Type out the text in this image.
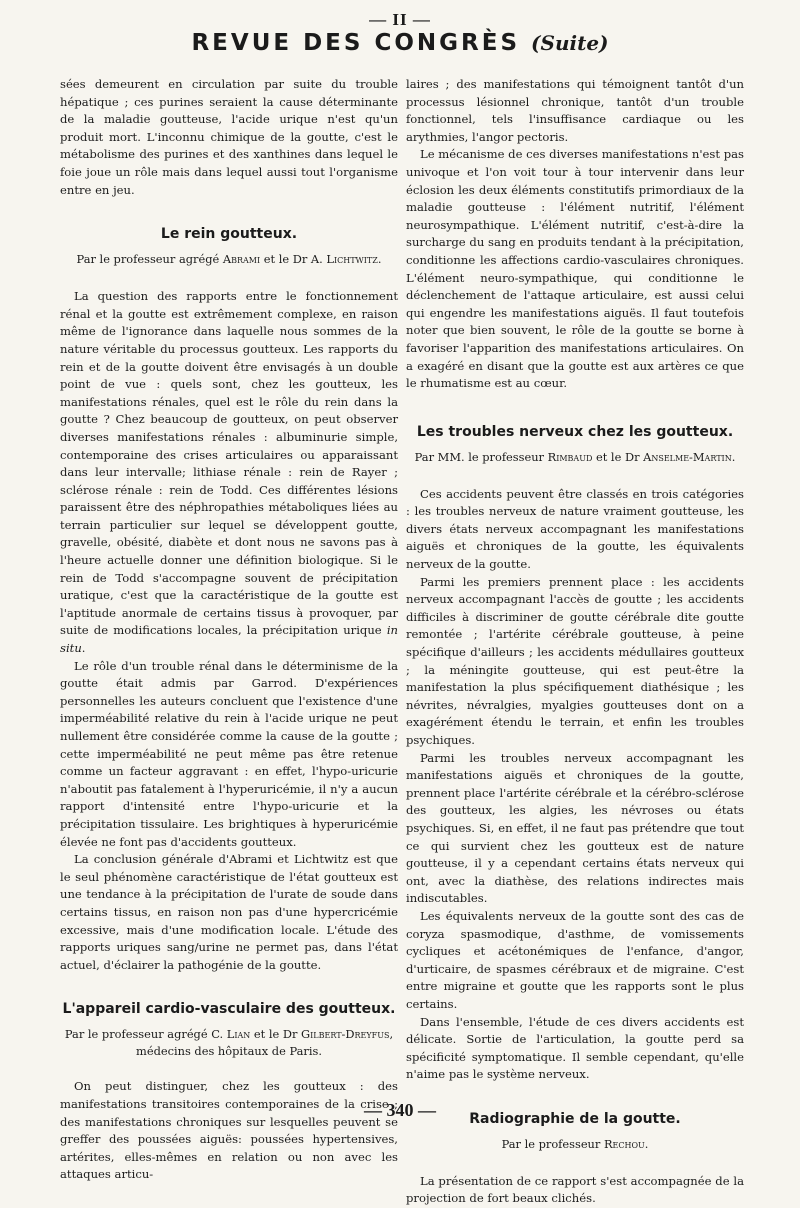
— II —
REVUE DES CONGRÈS (Suite)

sées demeurent en circulation par suite du trouble hépatique ; ces purines seraient la cause déterminante de la maladie goutteuse, l'acide urique n'est qu'un produit mort. L'inconnu chimique de la goutte, c'est le métabolisme des purines et des xanthines dans lequel le foie joue un rôle mais dans lequel aussi tout l'organisme entre en jeu.

Le rein goutteux.

Par le professeur agrégé Abrami et le Dr A. Lichtwitz.

La question des rapports entre le fonctionnement rénal et la goutte est extrêmement complexe, en raison même de l'ignorance dans laquelle nous sommes de la nature véritable du processus goutteux. Les rapports du rein et de la goutte doivent être envisagés à un double point de vue : quels sont, chez les goutteux, les manifestations rénales, quel est le rôle du rein dans la goutte ? Chez beaucoup de goutteux, on peut observer diverses manifestations rénales : albuminurie simple, contemporaine des crises articulaires ou apparaissant dans leur intervalle; lithiase rénale : rein de Rayer ; sclérose rénale : rein de Todd. Ces différentes lésions paraissent être des néphropathies métaboliques liées au terrain particulier sur lequel se développent goutte, gravelle, obésité, diabète et dont nous ne savons pas à l'heure actuelle donner une définition biologique. Si le rein de Todd s'accompagne souvent de précipitation uratique, c'est que la caractéristique de la goutte est l'aptitude anormale de certains tissus à provoquer, par suite de modifications locales, la précipitation urique in situ.

Le rôle d'un trouble rénal dans le déterminisme de la goutte était admis par Garrod. D'expériences personnelles les auteurs concluent que l'existence d'une imperméabilité relative du rein à l'acide urique ne peut nullement être considérée comme la cause de la goutte ; cette imperméabilité ne peut même pas être retenue comme un facteur aggravant : en effet, l'hypo-uricurie n'aboutit pas fatalement à l'hyperuricémie, il n'y a aucun rapport d'intensité entre l'hypo-uricurie et la précipitation tissulaire. Les brightiques à hyperuricémie élevée ne font pas d'accidents goutteux.

La conclusion générale d'Abrami et Lichtwitz est que le seul phénomène caractéristique de l'état goutteux est une tendance à la précipitation de l'urate de soude dans certains tissus, en raison non pas d'une hypercricémie excessive, mais d'une modification locale. L'étude des rapports uriques sang/urine ne permet pas, dans l'état actuel, d'éclairer la pathogénie de la goutte.

L'appareil cardio-vasculaire des goutteux.

Par le professeur agrégé C. Lian et le Dr Gilbert-Dreyfus,
médecins des hôpitaux de Paris.

On peut distinguer, chez les goutteux : des manifestations transitoires contemporaines de la crise ; des manifestations chroniques sur lesquelles peuvent se greffer des poussées aiguës: poussées hypertensives, artérites, elles-mêmes en relation ou non avec les attaques articu-

laires ; des manifestations qui témoignent tantôt d'un processus lésionnel chronique, tantôt d'un trouble fonctionnel, tels l'insuffisance cardiaque ou les arythmies, l'angor pectoris.

Le mécanisme de ces diverses manifestations n'est pas univoque et l'on voit tour à tour intervenir dans leur éclosion les deux éléments constitutifs primordiaux de la maladie goutteuse : l'élément nutritif, l'élément neurosympathique. L'élément nutritif, c'est-à-dire la surcharge du sang en produits tendant à la précipitation, conditionne les affections cardio-vasculaires chroniques. L'élément neuro-sympathique, qui conditionne le déclenchement de l'attaque articulaire, est aussi celui qui engendre les manifestations aiguës. Il faut toutefois noter que bien souvent, le rôle de la goutte se borne à favoriser l'apparition des manifestations articulaires. On a exagéré en disant que la goutte est aux artères ce que le rhumatisme est au cœur.

Les troubles nerveux chez les goutteux.

Par MM. le professeur Rimbaud et le Dr Anselme-Martin.

Ces accidents peuvent être classés en trois catégories : les troubles nerveux de nature vraiment goutteuse, les divers états nerveux accompagnant les manifestations aiguës et chroniques de la goutte, les équivalents nerveux de la goutte.

Parmi les premiers prennent place : les accidents nerveux accompagnant l'accès de goutte ; les accidents difficiles à discriminer de goutte cérébrale dite goutte remontée ; l'artérite cérébrale goutteuse, à peine spécifique d'ailleurs ; les accidents médullaires goutteux ; la méningite goutteuse, qui est peut-être la manifestation la plus spécifiquement diathésique ; les névrites, névralgies, myalgies goutteuses dont on a exagérément étendu le terrain, et enfin les troubles psychiques.

Parmi les troubles nerveux accompagnant les manifestations aiguës et chroniques de la goutte, prennent place l'artérite cérébrale et la cérébro-sclérose des goutteux, les algies, les névroses ou états psychiques. Si, en effet, il ne faut pas prétendre que tout ce qui survient chez les goutteux est de nature goutteuse, il y a cependant certains états nerveux qui ont, avec la diathèse, des relations indirectes mais indiscutables.

Les équivalents nerveux de la goutte sont des cas de coryza spasmodique, d'asthme, de vomissements cycliques et acétonémiques de l'enfance, d'angor, d'urticaire, de spasmes cérébraux et de migraine. C'est entre migraine et goutte que les rapports sont le plus certains.

Dans l'ensemble, l'étude de ces divers accidents est délicate. Sortie de l'articulation, la goutte perd sa spécificité symptomatique. Il semble cependant, qu'elle n'aime pas le système nerveux.

Radiographie de la goutte.

Par le professeur Rechou.

La présentation de ce rapport s'est accompagnée de la projection de fort beaux clichés.

— 340 —
